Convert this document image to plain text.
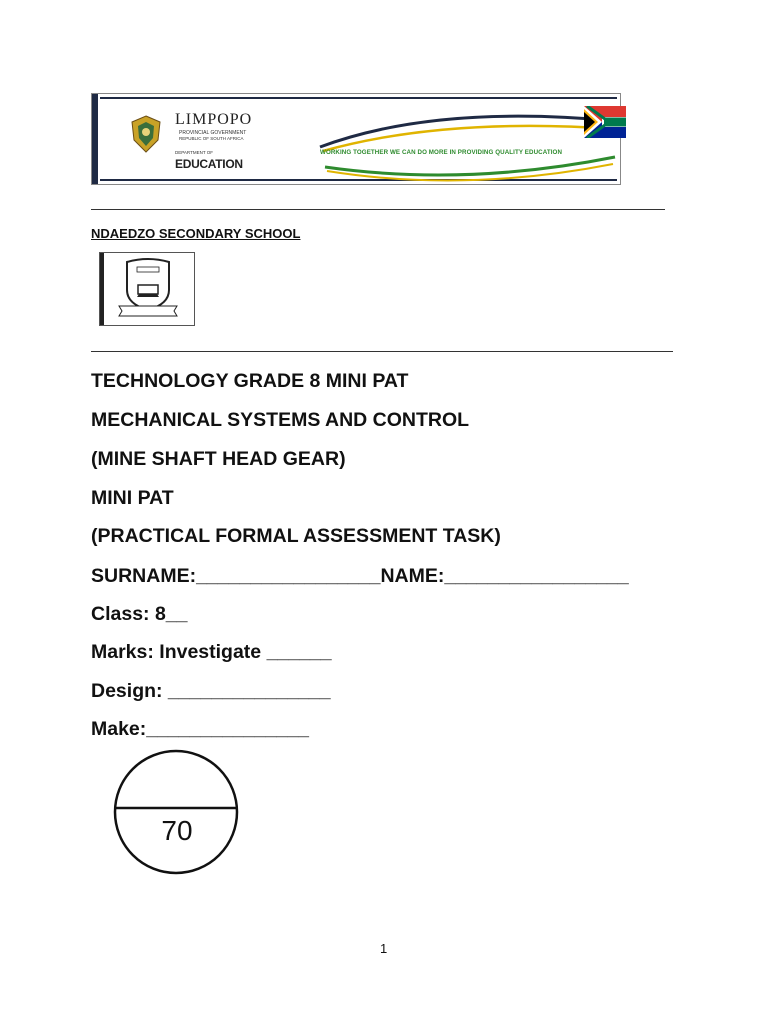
LIMPOPO
PROVINCIAL GOVERNMENT
REPUBLIC OF SOUTH AFRICA
DEPARTMENT OF
EDUCATION
WORKING TOGETHER WE CAN DO MORE IN PROVIDING QUALITY EDUCATION
NDAEDZO SECONDARY SCHOOL
TECHNOLOGY GRADE 8 MINI PAT
MECHANICAL SYSTEMS AND CONTROL
(MINE SHAFT HEAD GEAR)
MINI PAT
(PRACTICAL FORMAL ASSESSMENT TASK)
SURNAME:_________________NAME:_________________
Class: 8__
Marks: Investigate ______
Design: _______________
Make:_______________
70
1
